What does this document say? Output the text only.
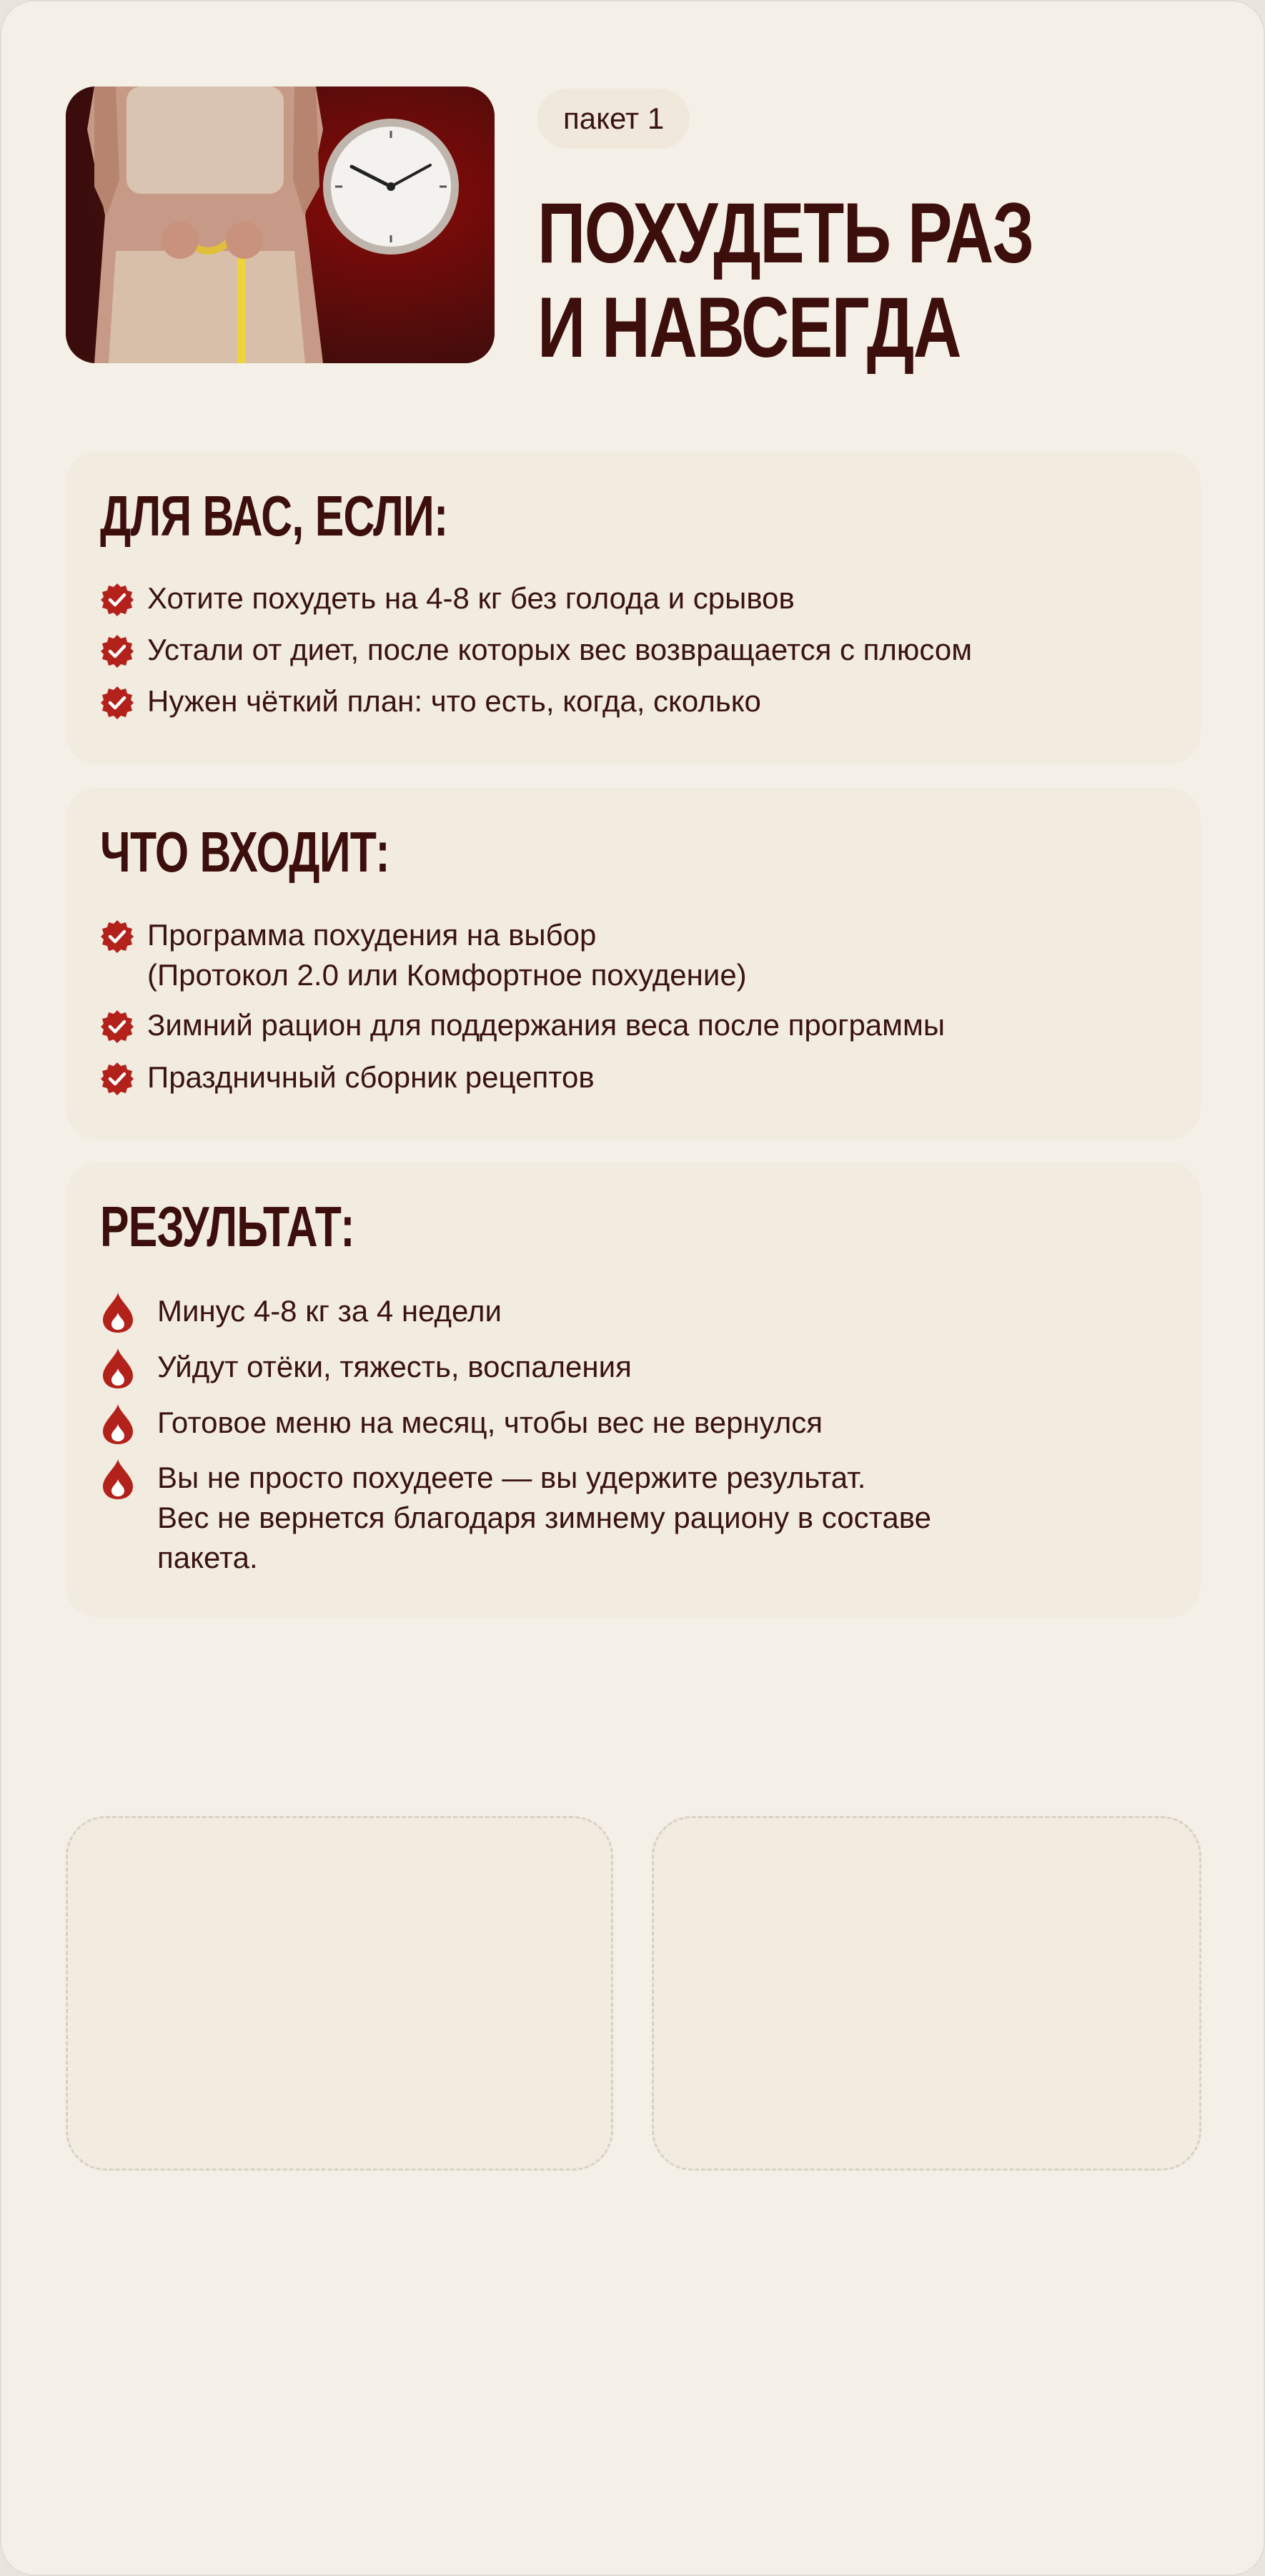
пакет 1
ПОХУДЕТЬ РАЗ
И НАВСЕГДА
ДЛЯ ВАС, ЕСЛИ:
Хотите похудеть на 4-8 кг без голода и срывов
Устали от диет, после которых вес возвращается с плюсом
Нужен чёткий план: что есть, когда, сколько
ЧТО ВХОДИТ:
Программа похудения на выбор
(Протокол 2.0 или Комфортное похудение)
Зимний рацион для поддержания веса после программы
Праздничный сборник рецептов
РЕЗУЛЬТАТ:
Минус 4-8 кг за 4 недели
Уйдут отёки, тяжесть, воспаления
Готовое меню на месяц, чтобы вес не вернулся
Вы не просто похудеете — вы удержите результат.
Вес не вернется благодаря зимнему рациону в составе
пакета.
